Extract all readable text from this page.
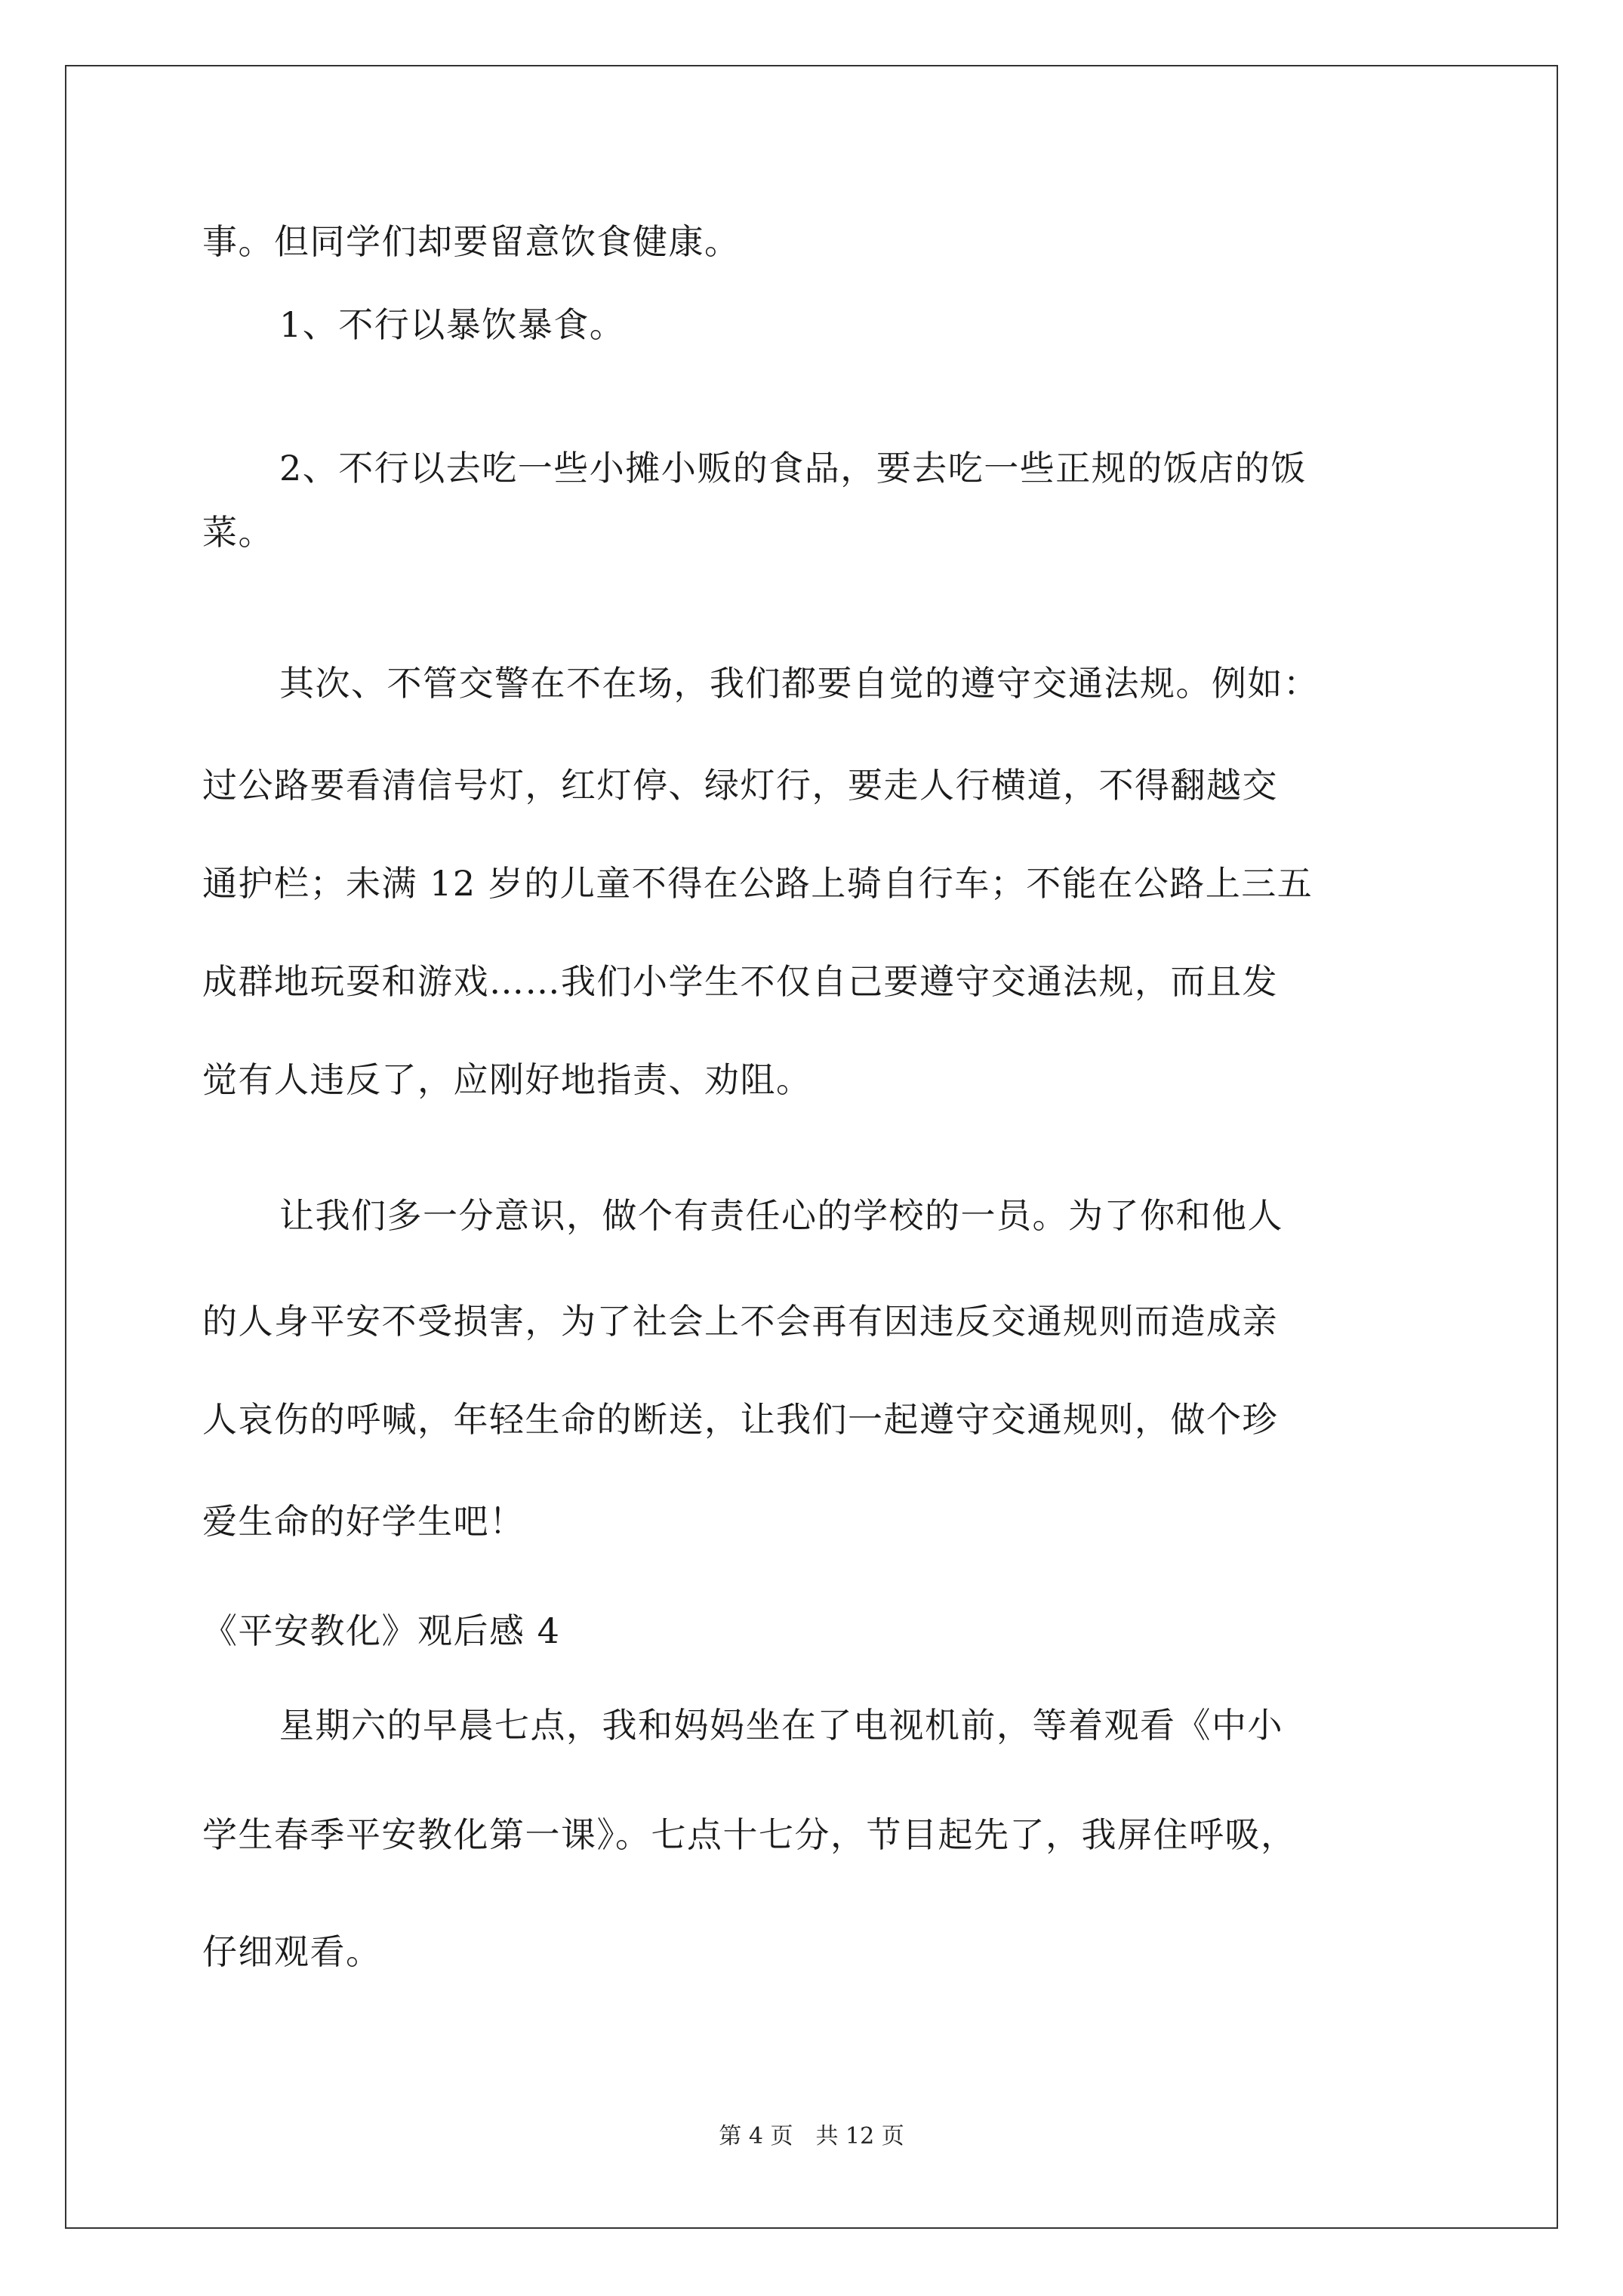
事。但同学们却要留意饮食健康。
1、不行以暴饮暴食。
2、不行以去吃一些小摊小贩的食品，要去吃一些正规的饭店的饭
菜。
其次、不管交警在不在场，我们都要自觉的遵守交通法规。例如：
过公路要看清信号灯，红灯停、绿灯行，要走人行横道，不得翻越交
通护栏；未满 12 岁的儿童不得在公路上骑自行车；不能在公路上三五
成群地玩耍和游戏……我们小学生不仅自己要遵守交通法规，而且发
觉有人违反了，应刚好地指责、劝阻。
让我们多一分意识，做个有责任心的学校的一员。为了你和他人
的人身平安不受损害，为了社会上不会再有因违反交通规则而造成亲
人哀伤的呼喊，年轻生命的断送，让我们一起遵守交通规则，做个珍
爱生命的好学生吧！
《平安教化》观后感 4
星期六的早晨七点，我和妈妈坐在了电视机前，等着观看《中小
学生春季平安教化第一课》。七点十七分，节目起先了，我屏住呼吸，
仔细观看。
第 4 页　共 12 页
